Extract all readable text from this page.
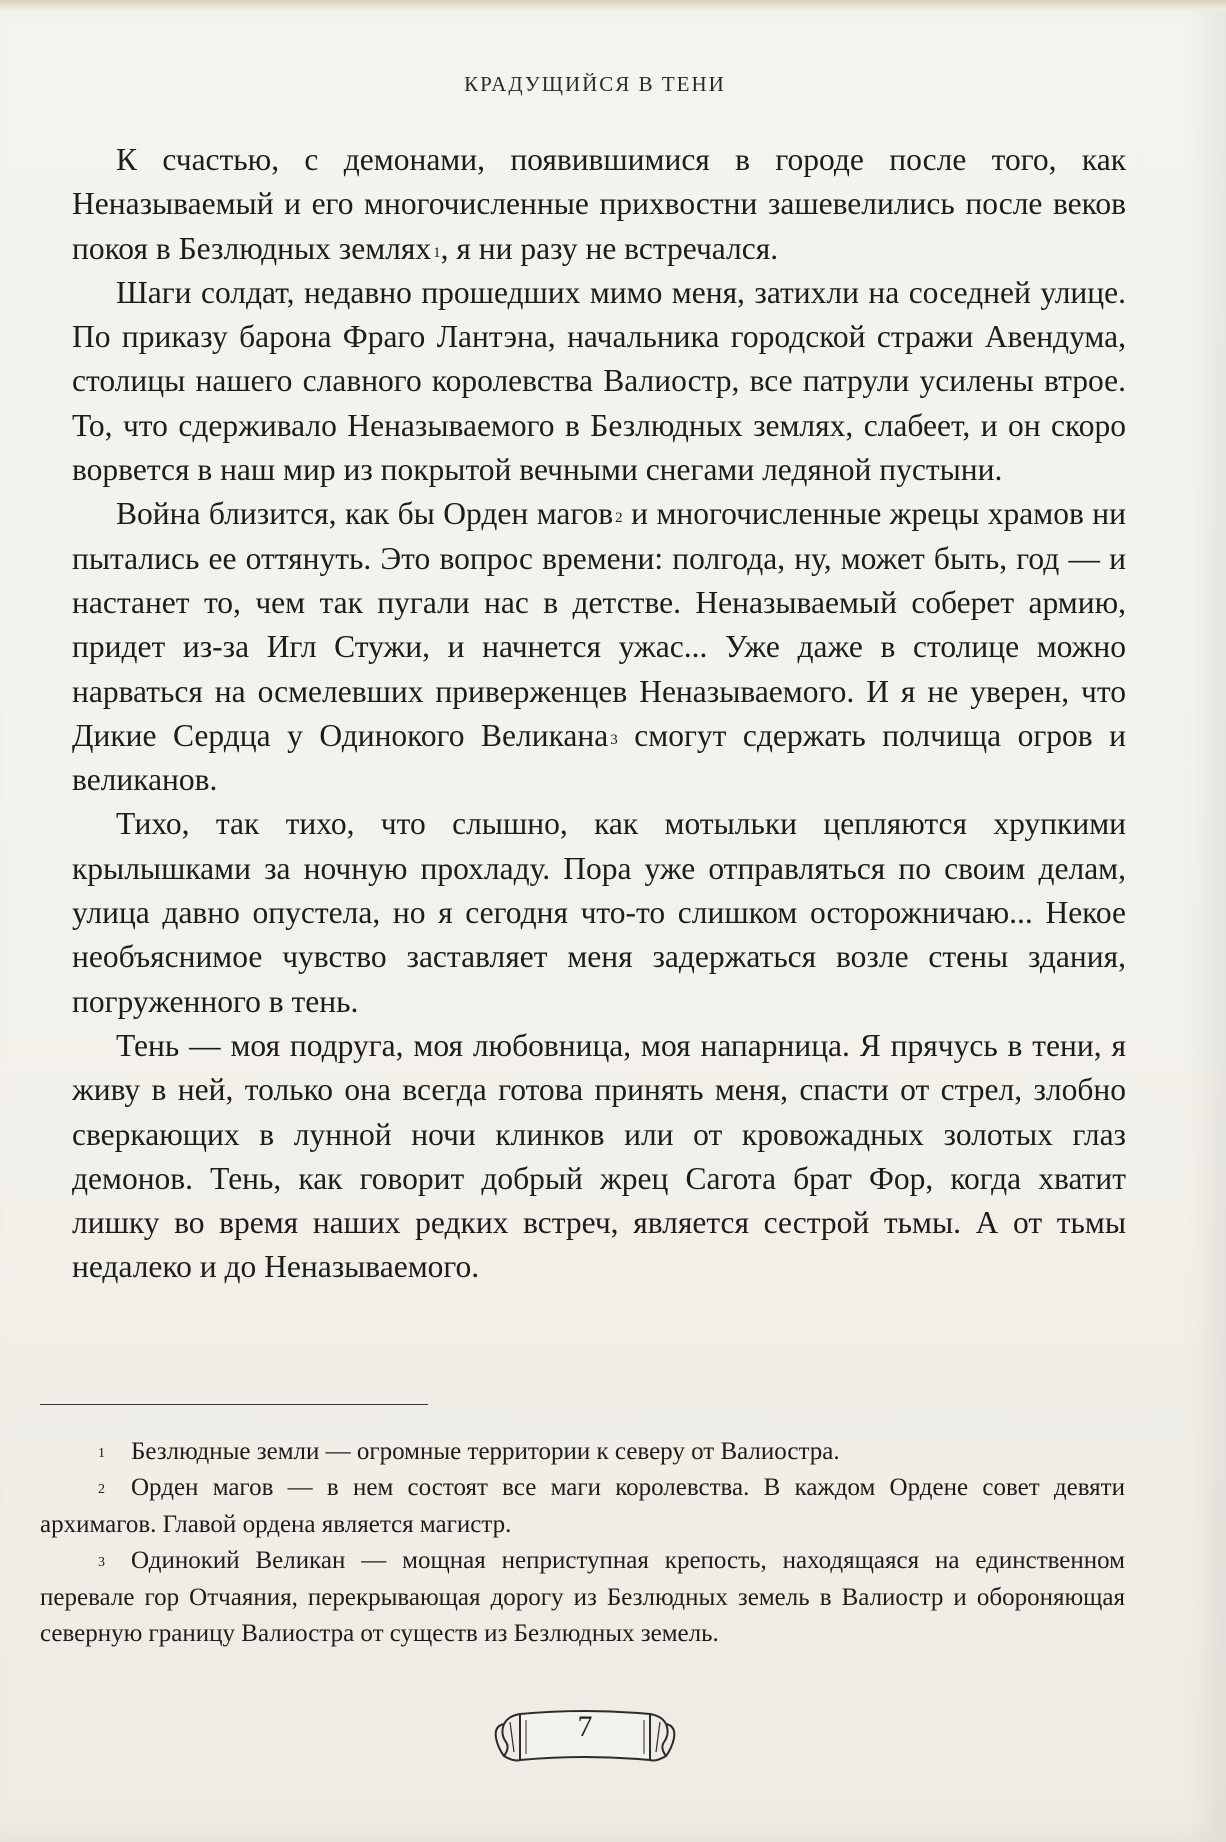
КРАДУЩИЙСЯ В ТЕНИ

К счастью, с демонами, появившимися в городе после того, как Неназываемый и его многочисленные прихвостни зашевелились после веков покоя в Безлюдных землях $^1$, я ни разу не встречался.

Шаги солдат, недавно прошедших мимо меня, затихли на соседней улице. По приказу барона Фраго Лантэна, начальника городской стражи Авендума, столицы нашего славного королевства Валиостр, все патрули усилены втрое. То, что сдерживало Неназываемого в Безлюдных землях, слабеет, и он скоро ворвется в наш мир из покрытой вечными снегами ледяной пустыни.

Война близится, как бы Орден магов $^2$ и многочисленные жрецы храмов ни пытались ее оттянуть. Это вопрос времени: полгода, ну, может быть, год — и настанет то, чем так пугали нас в детстве. Неназываемый соберет армию, придет из-за Игл Стужи, и начнется ужас... Уже даже в столице можно нарваться на осмелевших приверженцев Неназываемого. И я не уверен, что Дикие Сердца у Одинокого Великана $^3$ смогут сдержать полчища огров и великанов.

Тихо, так тихо, что слышно, как мотыльки цепляются хрупкими крылышками за ночную прохладу. Пора уже отправляться по своим делам, улица давно опустела, но я сегодня что-то слишком осторожничаю... Некое необъяснимое чувство заставляет меня задержаться возле стены здания, погруженного в тень.

Тень — моя подруга, моя любовница, моя напарница. Я прячусь в тени, я живу в ней, только она всегда готова принять меня, спасти от стрел, злобно сверкающих в лунной ночи клинков или от кровожадных золотых глаз демонов. Тень, как говорит добрый жрец Сагота брат Фор, когда хватит лишку во время наших редких встреч, является сестрой тьмы. А от тьмы недалеко и до Неназываемого.

$^1$ Безлюдные земли — огромные территории к северу от Валиостра.

$^2$ Орден магов — в нем состоят все маги королевства. В каждом Ордене совет девяти архимагов. Главой ордена является магистр.

$^3$ Одинокий Великан — мощная неприступная крепость, находящаяся на единственном перевале гор Отчаяния, перекрывающая дорогу из Безлюдных земель в Валиостр и обороняющая северную границу Валиостра от существ из Безлюдных земель.

7
